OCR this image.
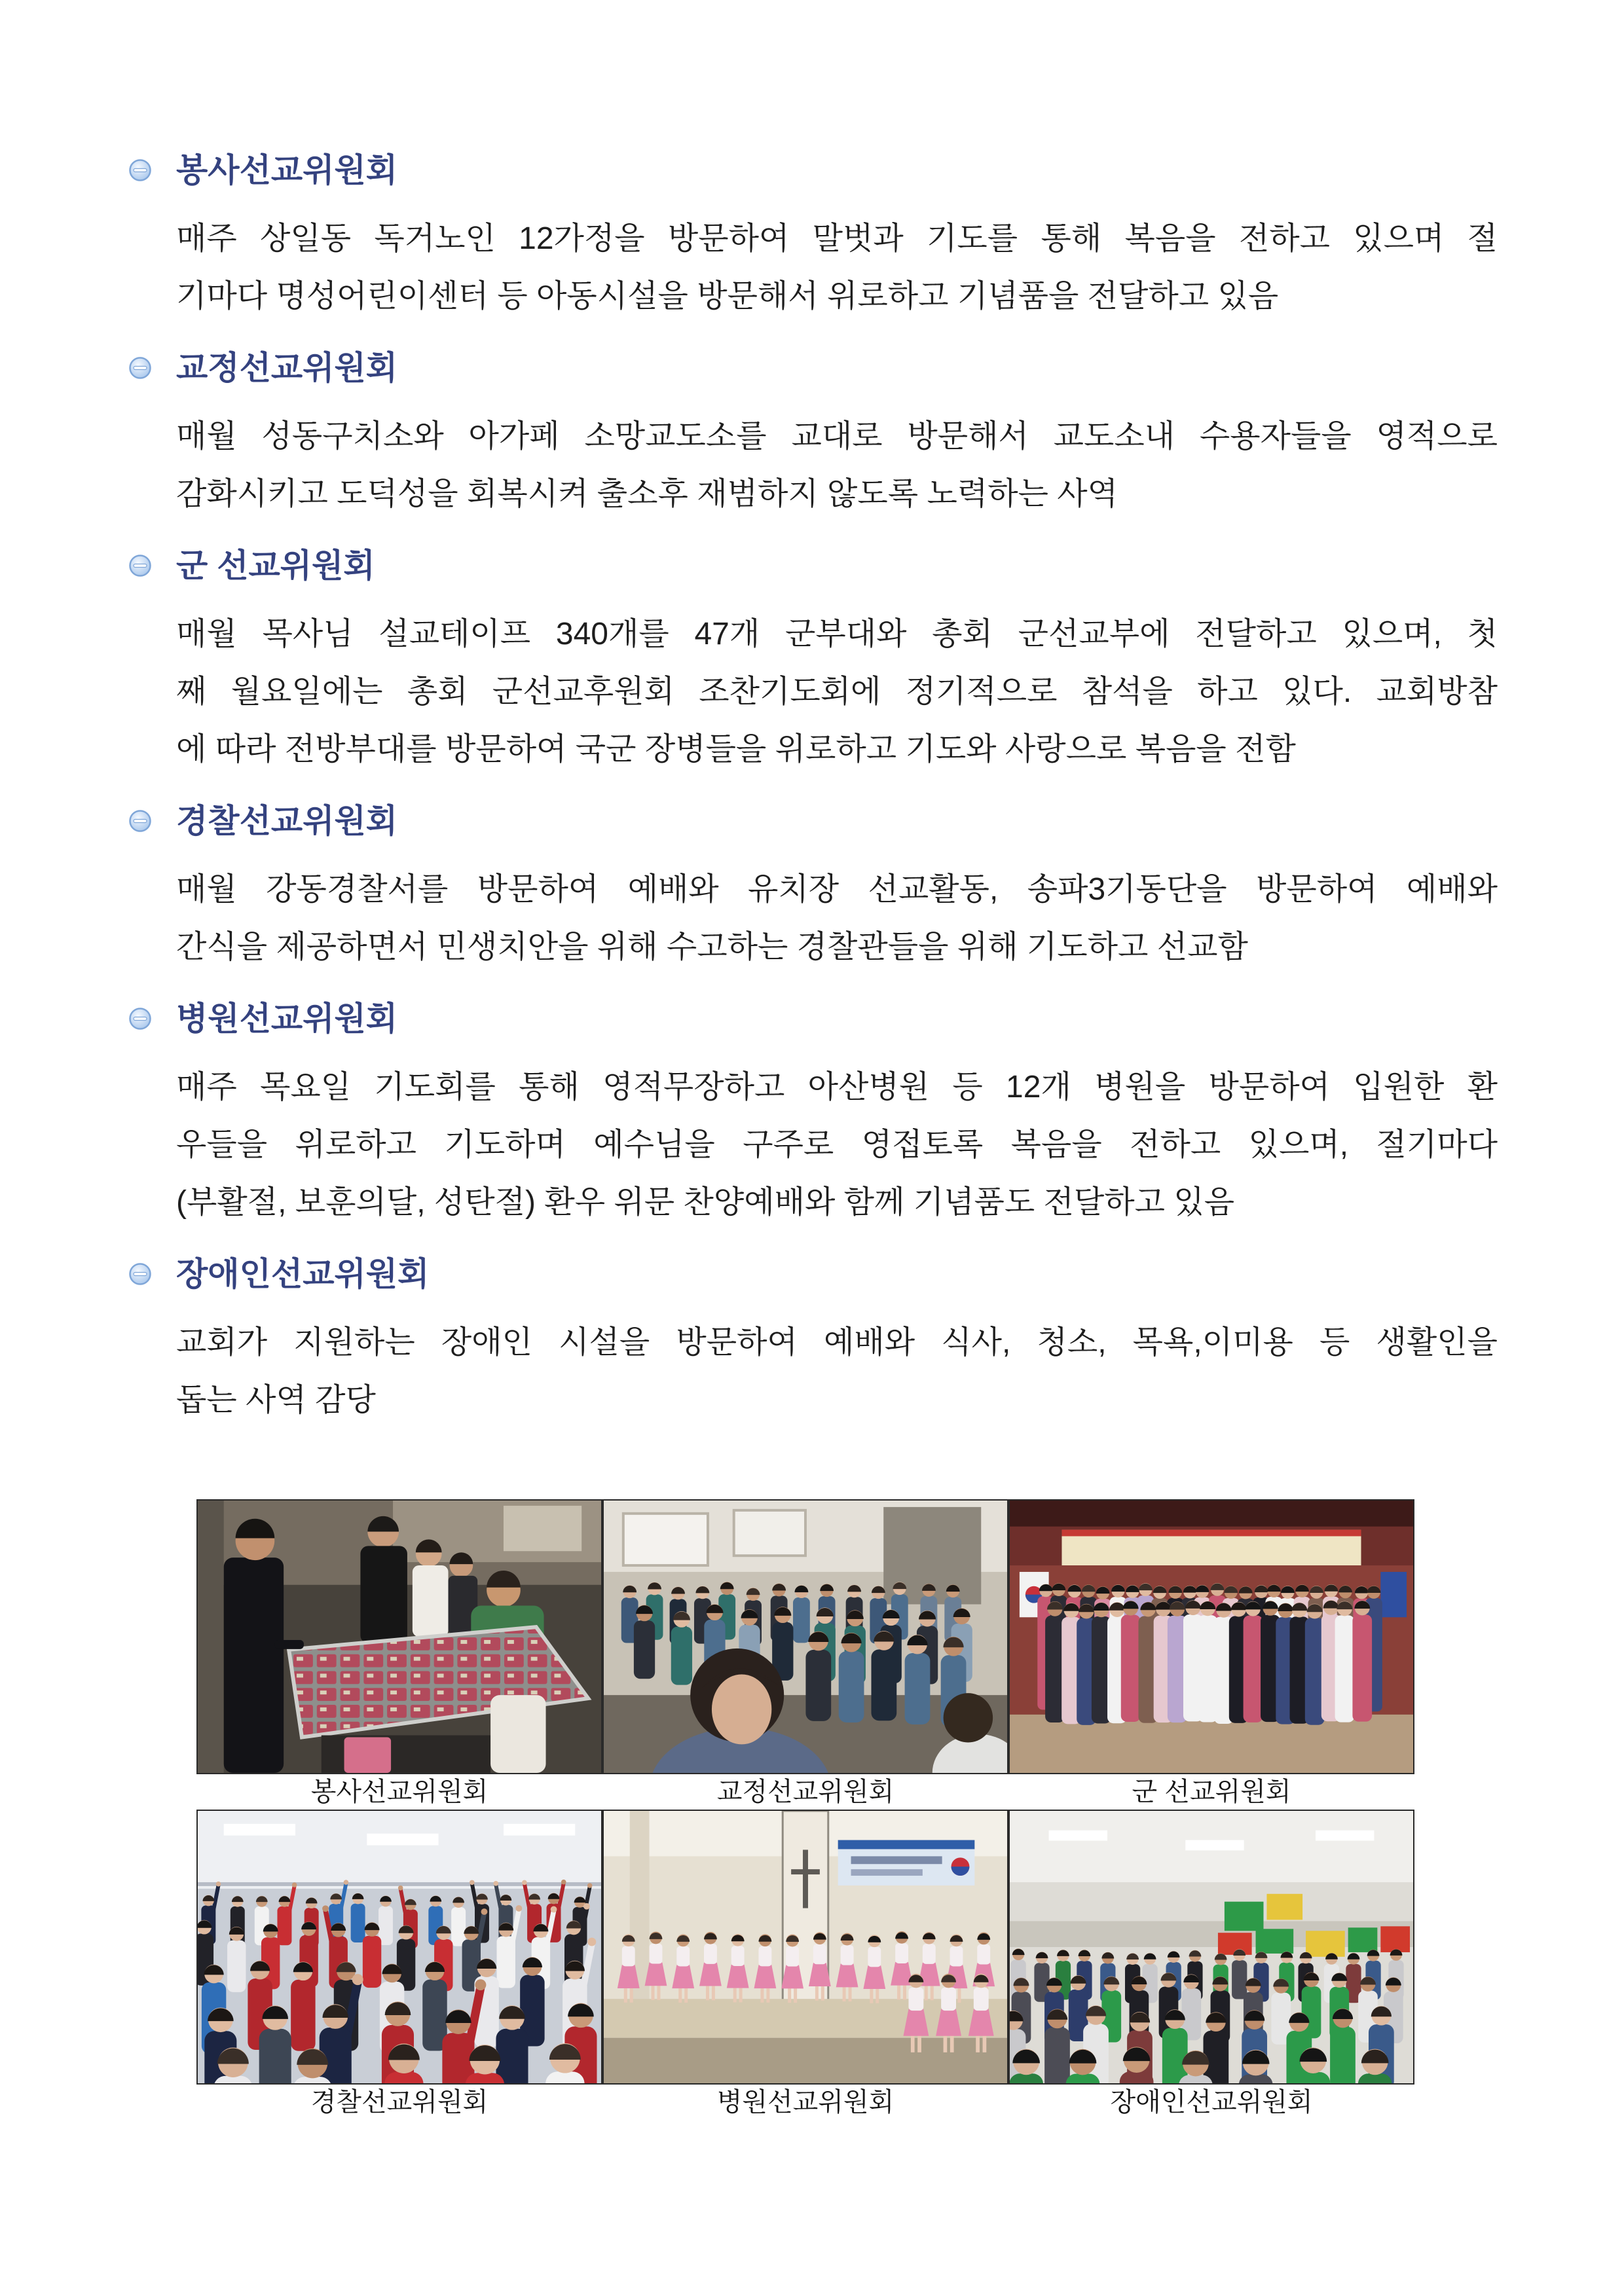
봉사선교위원회
매주 상일동 독거노인 12가정을 방문하여 말벗과 기도를 통해 복음을 전하고 있으며 절
기마다 명성어린이센터 등 아동시설을 방문해서 위로하고 기념품을 전달하고 있음
교정선교위원회
매월 성동구치소와 아가페 소망교도소를 교대로 방문해서 교도소내 수용자들을 영적으로
감화시키고 도덕성을 회복시켜 출소후 재범하지 않도록 노력하는 사역
군 선교위원회
매월 목사님 설교테이프 340개를 47개 군부대와 총회 군선교부에 전달하고 있으며, 첫
째 월요일에는 총회 군선교후원회 조찬기도회에 정기적으로 참석을 하고 있다. 교회방참
에 따라 전방부대를 방문하여 국군 장병들을 위로하고 기도와 사랑으로 복음을 전함
경찰선교위원회
매월 강동경찰서를 방문하여 예배와 유치장 선교활동, 송파3기동단을 방문하여 예배와
간식을 제공하면서 민생치안을 위해 수고하는 경찰관들을 위해 기도하고 선교함
병원선교위원회
매주 목요일 기도회를 통해 영적무장하고 아산병원 등 12개 병원을 방문하여 입원한 환
우들을 위로하고 기도하며 예수님을 구주로 영접토록 복음을 전하고 있으며, 절기마다
(부활절, 보훈의달, 성탄절) 환우 위문 찬양예배와 함께 기념품도 전달하고 있음
장애인선교위원회
교회가 지원하는 장애인 시설을 방문하여 예배와 식사, 청소, 목욕,이미용 등 생활인을
돕는 사역 감당
봉사선교위원회	교정선교위원회	군 선교위원회
경찰선교위원회	병원선교위원회	장애인선교위원회
